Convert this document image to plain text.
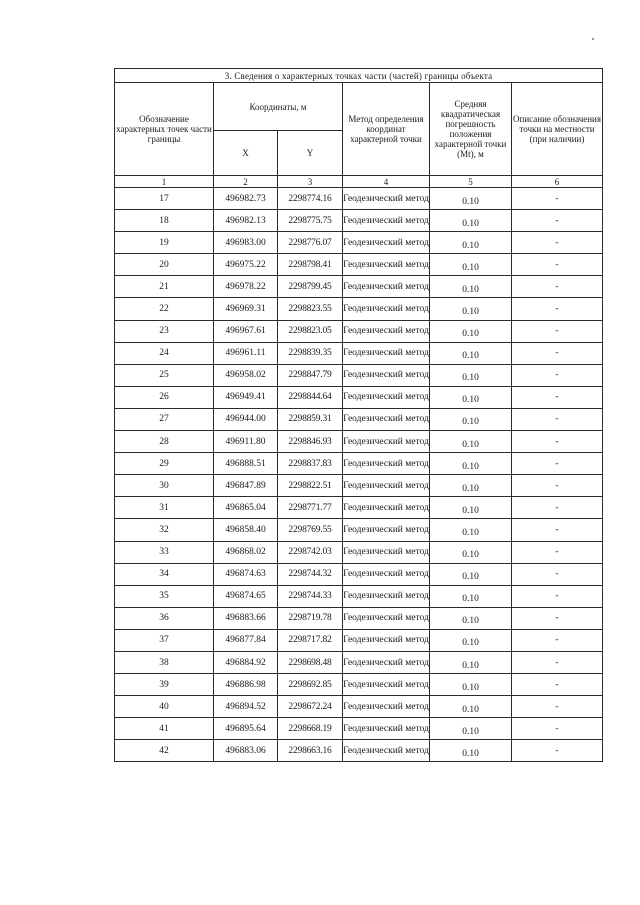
3. Сведения о характерных точках части (частей) границы объекта					
Обозначение характерных точек части границы	Координаты, м		Метод определения координат характерной точки	Средняя квадратическая погрешность положения характерной точки (Mt), м	Описание обозначения точки на местности (при наличии)
	X	Y			
1	2	3	4	5	6
17	496982.73	2298774.16	Геодезический метод	0.10	-
18	496982.13	2298775.75	Геодезический метод	0.10	-
19	496983.00	2298776.07	Геодезический метод	0.10	-
20	496975.22	2298798.41	Геодезический метод	0.10	-
21	496978.22	2298799.45	Геодезический метод	0.10	-
22	496969.31	2298823.55	Геодезический метод	0.10	-
23	496967.61	2298823.05	Геодезический метод	0.10	-
24	496961.11	2298839.35	Геодезический метод	0.10	-
25	496958.02	2298847.79	Геодезический метод	0.10	-
26	496949.41	2298844.64	Геодезический метод	0.10	-
27	496944.00	2298859.31	Геодезический метод	0.10	-
28	496911.80	2298846.93	Геодезический метод	0.10	-
29	496888.51	2298837.83	Геодезический метод	0.10	-
30	496847.89	2298822.51	Геодезический метод	0.10	-
31	496865.04	2298771.77	Геодезический метод	0.10	-
32	496858.40	2298769.55	Геодезический метод	0.10	-
33	496868.02	2298742.03	Геодезический метод	0.10	-
34	496874.63	2298744.32	Геодезический метод	0.10	-
35	496874.65	2298744.33	Геодезический метод	0.10	-
36	496883.66	2298719.78	Геодезический метод	0.10	-
37	496877.84	2298717.82	Геодезический метод	0.10	-
38	496884.92	2298698.48	Геодезический метод	0.10	-
39	496886.98	2298692.85	Геодезический метод	0.10	-
40	496894.52	2298672.24	Геодезический метод	0.10	-
41	496895.64	2298668.19	Геодезический метод	0.10	-
42	496883.06	2298663.16	Геодезический метод	0.10	-
